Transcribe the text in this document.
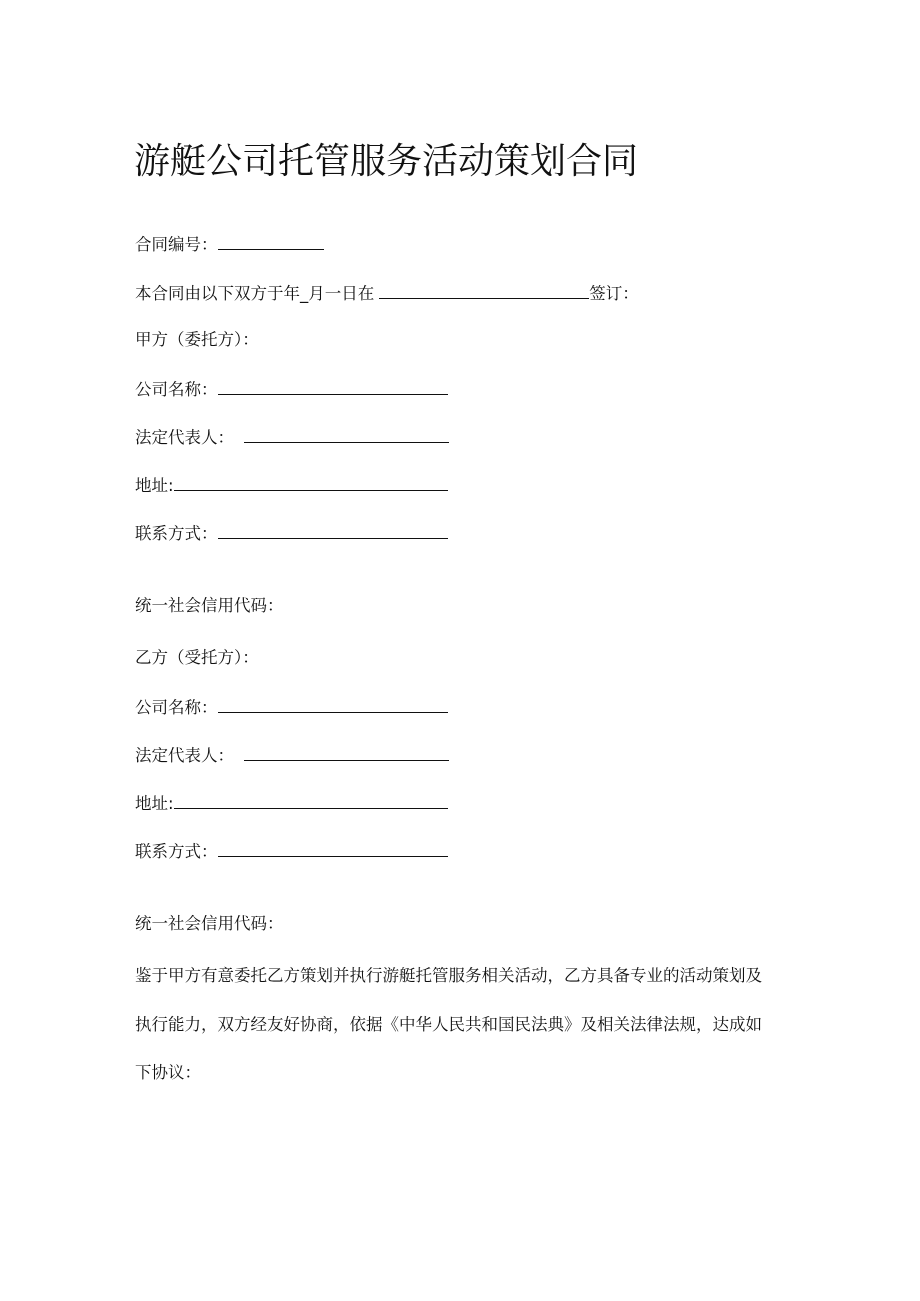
游艇公司托管服务活动策划合同
合同编号：
本合同由以下双方于年_月一日在	签订：
甲方（委托方）：
公司名称：
法定代表人：
地址:
联系方式：
统一社会信用代码：
乙方（受托方）：
公司名称：
法定代表人：
地址:
联系方式：
统一社会信用代码：
鉴于甲方有意委托乙方策划并执行游艇托管服务相关活动，乙方具备专业的活动策划及
执行能力，双方经友好协商，依据《中华人民共和国民法典》及相关法律法规，达成如
下协议：
